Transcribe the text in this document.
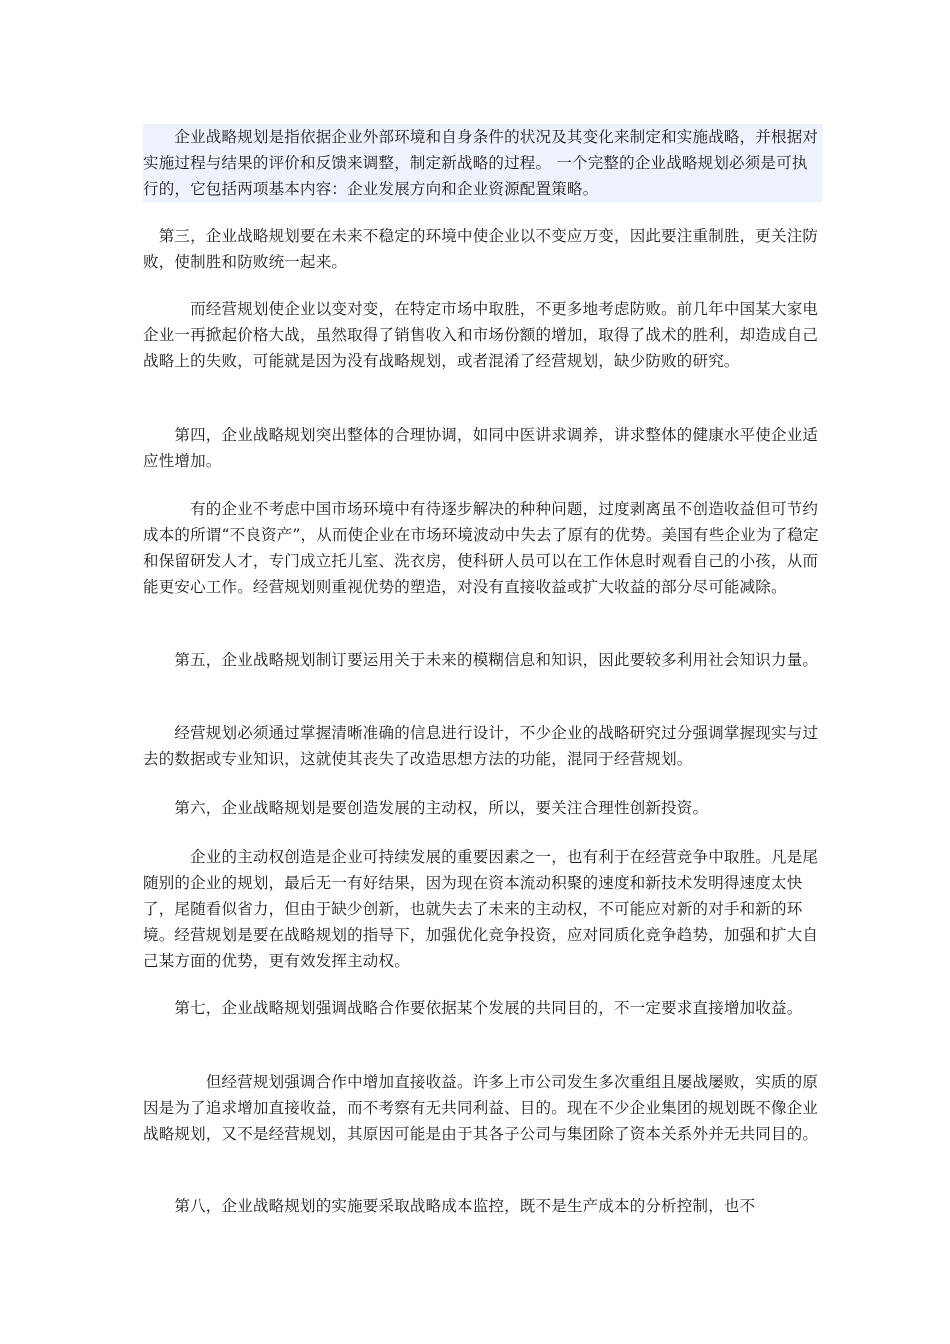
　　企业战略规划是指依据企业外部环境和自身条件的状况及其变化来制定和实施战略，并根据对实施过程与结果的评价和反馈来调整，制定新战略的过程。 一个完整的企业战略规划必须是可执行的，它包括两项基本内容：企业发展方向和企业资源配置策略。

　第三，企业战略规划要在未来不稳定的环境中使企业以不变应万变，因此要注重制胜，更关注防败，使制胜和防败统一起来。

　　　而经营规划使企业以变对变，在特定市场中取胜，不更多地考虑防败。前几年中国某大家电企业一再掀起价格大战，虽然取得了销售收入和市场份额的增加，取得了战术的胜利，却造成自己战略上的失败，可能就是因为没有战略规划，或者混淆了经营规划，缺少防败的研究。

　　第四，企业战略规划突出整体的合理协调，如同中医讲求调养，讲求整体的健康水平使企业适应性增加。

　　　有的企业不考虑中国市场环境中有待逐步解决的种种问题，过度剥离虽不创造收益但可节约成本的所谓“不良资产”，从而使企业在市场环境波动中失去了原有的优势。美国有些企业为了稳定和保留研发人才，专门成立托儿室、洗衣房，使科研人员可以在工作休息时观看自己的小孩，从而能更安心工作。经营规划则重视优势的塑造，对没有直接收益或扩大收益的部分尽可能减除。

　　第五，企业战略规划制订要运用关于未来的模糊信息和知识，因此要较多利用社会知识力量。

　　经营规划必须通过掌握清晰准确的信息进行设计，不少企业的战略研究过分强调掌握现实与过去的数据或专业知识，这就使其丧失了改造思想方法的功能，混同于经营规划。

　　第六，企业战略规划是要创造发展的主动权，所以，要关注合理性创新投资。

　　　企业的主动权创造是企业可持续发展的重要因素之一，也有利于在经营竞争中取胜。凡是尾随别的企业的规划，最后无一有好结果，因为现在资本流动积聚的速度和新技术发明得速度太快了，尾随看似省力，但由于缺少创新，也就失去了未来的主动权，不可能应对新的对手和新的环境。经营规划是要在战略规划的指导下，加强优化竞争投资，应对同质化竞争趋势，加强和扩大自己某方面的优势，更有效发挥主动权。

　　第七，企业战略规划强调战略合作要依据某个发展的共同目的，不一定要求直接增加收益。

　　　　但经营规划强调合作中增加直接收益。许多上市公司发生多次重组且屡战屡败，实质的原因是为了追求增加直接收益，而不考察有无共同利益、目的。现在不少企业集团的规划既不像企业战略规划，又不是经营规划，其原因可能是由于其各子公司与集团除了资本关系外并无共同目的。

　　第八，企业战略规划的实施要采取战略成本监控，既不是生产成本的分析控制，也不
